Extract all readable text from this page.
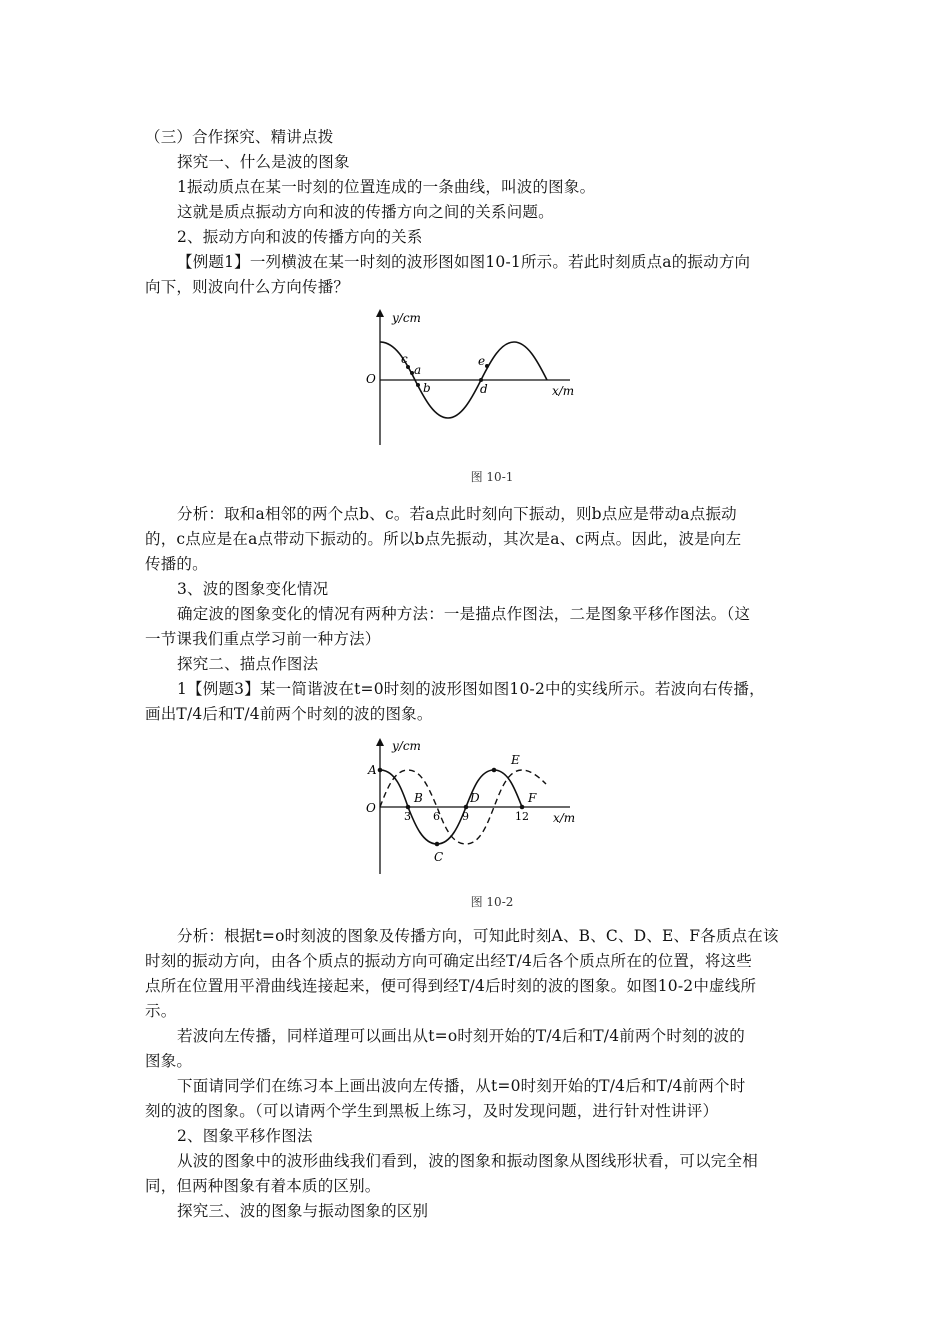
（三）合作探究、精讲点拨
探究一、什么是波的图象
1振动质点在某一时刻的位置连成的一条曲线，叫波的图象。
这就是质点振动方向和波的传播方向之间的关系问题。
2、振动方向和波的传播方向的关系
【例题1】一列横波在某一时刻的波形图如图10-1所示。若此时刻质点a的振动方向
向下，则波向什么方向传播？
y/cm
O
x/m
c
a
b
e
d
图 10-1
分析：取和a相邻的两个点b、c。若a点此时刻向下振动，则b点应是带动a点振动
的，c点应是在a点带动下振动的。所以b点先振动，其次是a、c两点。因此，波是向左
传播的。
3、波的图象变化情况
确定波的图象变化的情况有两种方法：一是描点作图法，二是图象平移作图法。（这
一节课我们重点学习前一种方法）
探究二、描点作图法
1【例题3】某一简谐波在t=0时刻的波形图如图10-2中的实线所示。若波向右传播，
画出T/4后和T/4前两个时刻的波的图象。
y/cm
O
x/m
A
B
C
D
E
F
3 6 9	12
图 10-2
分析：根据t=o时刻波的图象及传播方向，可知此时刻A、B、C、D、E、F各质点在该
时刻的振动方向，由各个质点的振动方向可确定出经T/4后各个质点所在的位置，将这些
点所在位置用平滑曲线连接起来，便可得到经T/4后时刻的波的图象。如图10-2中虚线所
示。
若波向左传播，同样道理可以画出从t=o时刻开始的T/4后和T/4前两个时刻的波的
图象。
下面请同学们在练习本上画出波向左传播，从t=0时刻开始的T/4后和T/4前两个时
刻的波的图象。（可以请两个学生到黑板上练习，及时发现问题，进行针对性讲评）
2、图象平移作图法
从波的图象中的波形曲线我们看到，波的图象和振动图象从图线形状看，可以完全相
同，但两种图象有着本质的区别。
探究三、波的图象与振动图象的区别
